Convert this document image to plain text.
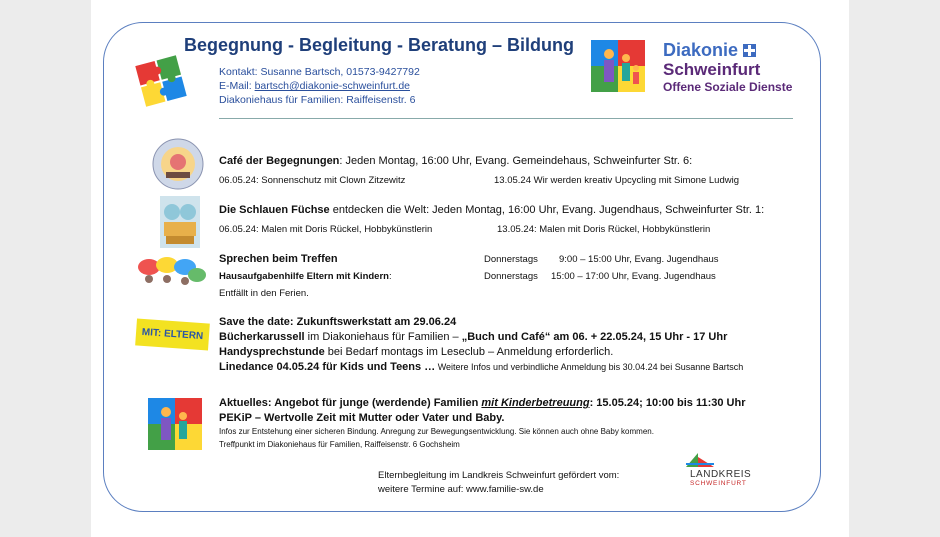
Begegnung - Begleitung - Beratung – Bildung
Kontakt: Susanne Bartsch, 01573-9427792
E-Mail: bartsch@diakonie-schweinfurt.de
Diakoniehaus für Familien: Raiffeisenstr. 6
Diakonie
Schweinfurt
Offene Soziale Dienste
Café der Begegnungen: Jeden Montag, 16:00 Uhr, Evang. Gemeindehaus, Schweinfurter Str. 6:
06.05.24: Sonnenschutz mit Clown Zitzewitz	13.05.24 Wir werden kreativ Upcycling mit Simone Ludwig
Die Schlauen Füchse entdecken die Welt: Jeden Montag, 16:00 Uhr, Evang. Jugendhaus, Schweinfurter Str. 1:
06.05.24: Malen mit Doris Rückel, Hobbykünstlerin	13.05.24: Malen mit Doris Rückel, Hobbykünstlerin
Sprechen beim Treffen	Donnerstags 9:00 – 15:00 Uhr, Evang. Jugendhaus
Hausaufgabenhilfe Eltern mit Kindern:	Donnerstags 15:00 – 17:00 Uhr, Evang. Jugendhaus
Entfällt in den Ferien.
MIT: ELTERN
Save the date: Zukunftswerkstatt am 29.06.24
Bücherkarussell im Diakoniehaus für Familien – „Buch und Café“ am 06. + 22.05.24, 15 Uhr - 17 Uhr
Handysprechstunde bei Bedarf montags im Leseclub – Anmeldung erforderlich.
Linedance 04.05.24 für Kids und Teens … Weitere Infos und verbindliche Anmeldung bis 30.04.24 bei Susanne Bartsch
Aktuelles: Angebot für junge (werdende) Familien mit Kinderbetreuung: 15.05.24; 10:00 bis 11:30 Uhr
PEKiP – Wertvolle Zeit mit Mutter oder Vater und Baby.
Infos zur Entstehung einer sicheren Bindung. Anregung zur Bewegungsentwicklung. Sie können auch ohne Baby kommen.
Treffpunkt im Diakoniehaus für Familien, Raiffeisenstr. 6 Gochsheim
Elternbegleitung im Landkreis Schweinfurt gefördert vom:
weitere Termine auf: www.familie-sw.de
LANDKREIS
SCHWEINFURT
